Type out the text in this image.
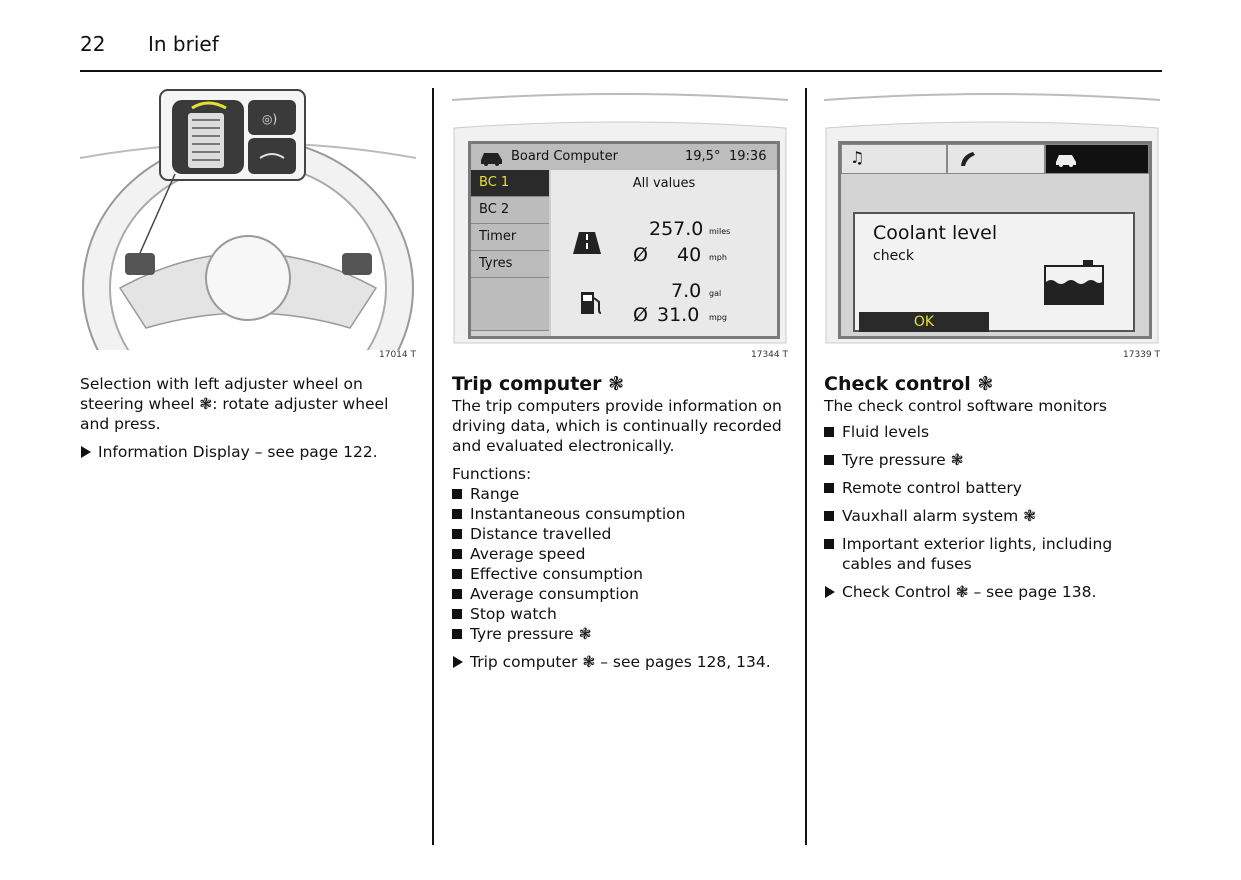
22 In brief
◎)
17014 T

Selection with left adjuster wheel on steering wheel ❃: rotate adjuster wheel and press.

Information Display – see page 122.
Board Computer	19,5° 19:36
BC 1
BC 2
Timer
Tyres
All values
257.0 miles
Ø 40 mph
7.0 gal
Ø 31.0 mpg
17344 T
Trip computer ❃

The trip computers provide information on driving data, which is continually recorded and evaluated electronically.

Functions:

Range
Instantaneous consumption
Distance travelled
Average speed
Effective consumption
Average consumption
Stop watch
Tyre pressure ❃
Trip computer ❃ – see pages 128, 134.
♫
Coolant level
check
OK
17339 T
Check control ❃

The check control software monitors

Fluid levels
Tyre pressure ❃
Remote control battery
Vauxhall alarm system ❃
Important exterior lights, including cables and fuses
Check Control ❃ – see page 138.
